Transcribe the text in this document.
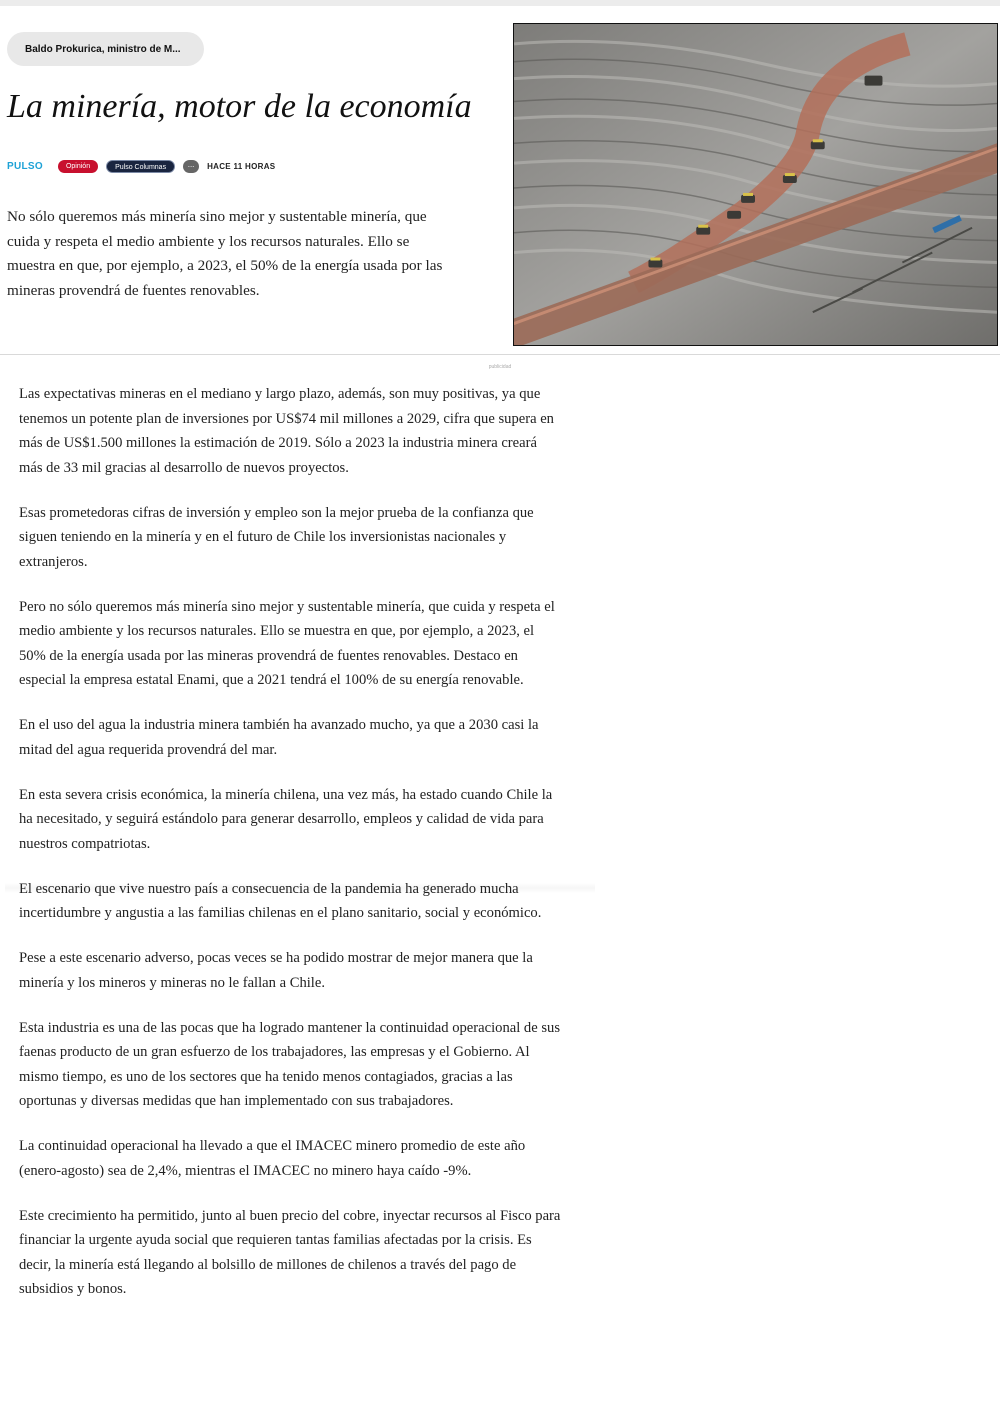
Baldo Prokurica, ministro de M...
La minería, motor de la economía
PULSO	Opinión	Pulso Columnas	...	HACE 11 HORAS

No sólo queremos más minería sino mejor y sustentable minería, que cuida y respeta el medio ambiente y los recursos naturales. Ello se muestra en que, por ejemplo, a 2023, el 50% de la energía usada por las mineras provendrá de fuentes renovables.

publicidad

Las expectativas mineras en el mediano y largo plazo, además, son muy positivas, ya que tenemos un potente plan de inversiones por US$74 mil millones a 2029, cifra que supera en más de US$1.500 millones la estimación de 2019. Sólo a 2023 la industria minera creará más de 33 mil gracias al desarrollo de nuevos proyectos.

Esas prometedoras cifras de inversión y empleo son la mejor prueba de la confianza que siguen teniendo en la minería y en el futuro de Chile los inversionistas nacionales y extranjeros.

Pero no sólo queremos más minería sino mejor y sustentable minería, que cuida y respeta el medio ambiente y los recursos naturales. Ello se muestra en que, por ejemplo, a 2023, el 50% de la energía usada por las mineras provendrá de fuentes renovables. Destaco en especial la empresa estatal Enami, que a 2021 tendrá el 100% de su energía renovable.

En el uso del agua la industria minera también ha avanzado mucho, ya que a 2030 casi la mitad del agua requerida provendrá del mar.

En esta severa crisis económica, la minería chilena, una vez más, ha estado cuando Chile la ha necesitado, y seguirá estándolo para generar desarrollo, empleos y calidad de vida para nuestros compatriotas.

El escenario que vive nuestro país a consecuencia de la pandemia ha generado mucha incertidumbre y angustia a las familias chilenas en el plano sanitario, social y económico.

Pese a este escenario adverso, pocas veces se ha podido mostrar de mejor manera que la minería y los mineros y mineras no le fallan a Chile.

Esta industria es una de las pocas que ha logrado mantener la continuidad operacional de sus faenas producto de un gran esfuerzo de los trabajadores, las empresas y el Gobierno. Al mismo tiempo, es uno de los sectores que ha tenido menos contagiados, gracias a las oportunas y diversas medidas que han implementado con sus trabajadores.

La continuidad operacional ha llevado a que el IMACEC minero promedio de este año (enero-agosto) sea de 2,4%, mientras el IMACEC no minero haya caído -9%.

Este crecimiento ha permitido, junto al buen precio del cobre, inyectar recursos al Fisco para financiar la urgente ayuda social que requieren tantas familias afectadas por la crisis. Es decir, la minería está llegando al bolsillo de millones de chilenos a través del pago de subsidios y bonos.
